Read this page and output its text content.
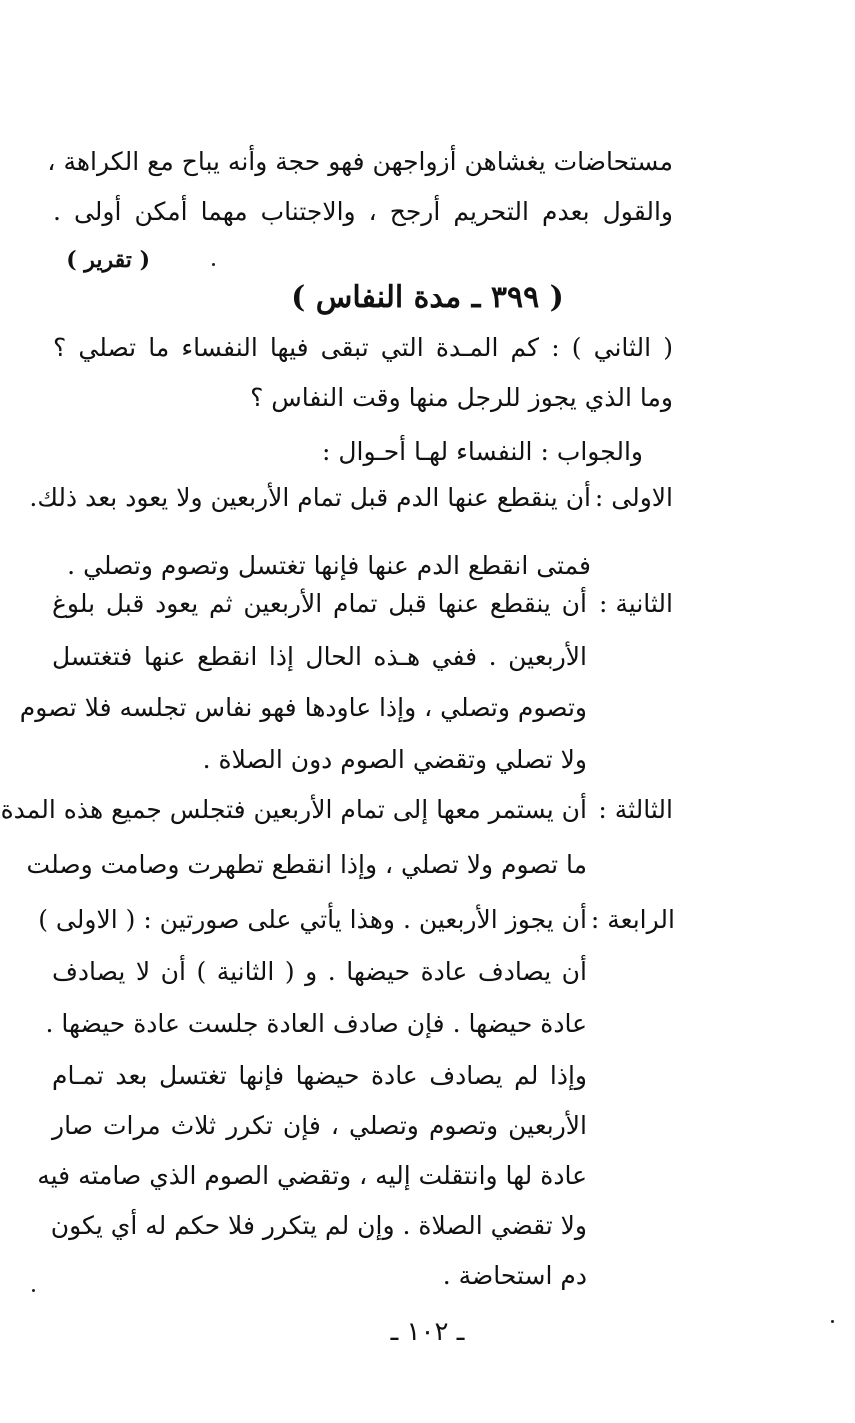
مستحاضات يغشاهن أزواجهن فهو حجة وأنه يباح مع الكراهة ،
والقول بعدم التحريم أرجح ، والاجتناب مهما أمكن أولى .
( تقرير )
( ٣٩٩ ـ مدة النفاس )
( الثاني ) : كم المـدة التي تبقى فيها النفساء ما تصلي ؟
وما الذي يجوز للرجل منها وقت النفاس ؟
والجواب : النفساء لهـا أحـوال :
الاولى :
أن ينقطع عنها الدم قبل تمام الأربعين ولا يعود بعد ذلك.
فمتى انقطع الدم عنها فإنها تغتسل وتصوم وتصلي .
الثانية :
أن ينقطع عنها قبل تمام الأربعين ثم يعود قبل بلوغ
الأربعين . ففي هـذه الحال إذا انقطع عنها فتغتسل
وتصوم وتصلي ، وإذا عاودها فهو نفاس تجلسه فلا تصوم
ولا تصلي وتقضي الصوم دون الصلاة .
الثالثة :
أن يستمر معها إلى تمام الأربعين فتجلس جميع هذه المدة
ما تصوم ولا تصلي ، وإذا انقطع تطهرت وصامت وصلت
الرابعة :
أن يجوز الأربعين . وهذا يأتي على صورتين : ( الاولى )
أن يصادف عادة حيضها . و ( الثانية ) أن لا يصادف
عادة حيضها . فإن صادف العادة جلست عادة حيضها .
وإذا لم يصادف عادة حيضها فإنها تغتسل بعد تمـام
الأربعين وتصوم وتصلي ، فإن تكرر ثلاث مرات صار
عادة لها وانتقلت إليه ، وتقضي الصوم الذي صامته فيه
ولا تقضي الصلاة . وإن لم يتكرر فلا حكم له أي يكون
دم استحاضة .
ـ ١٠٢ ـ
